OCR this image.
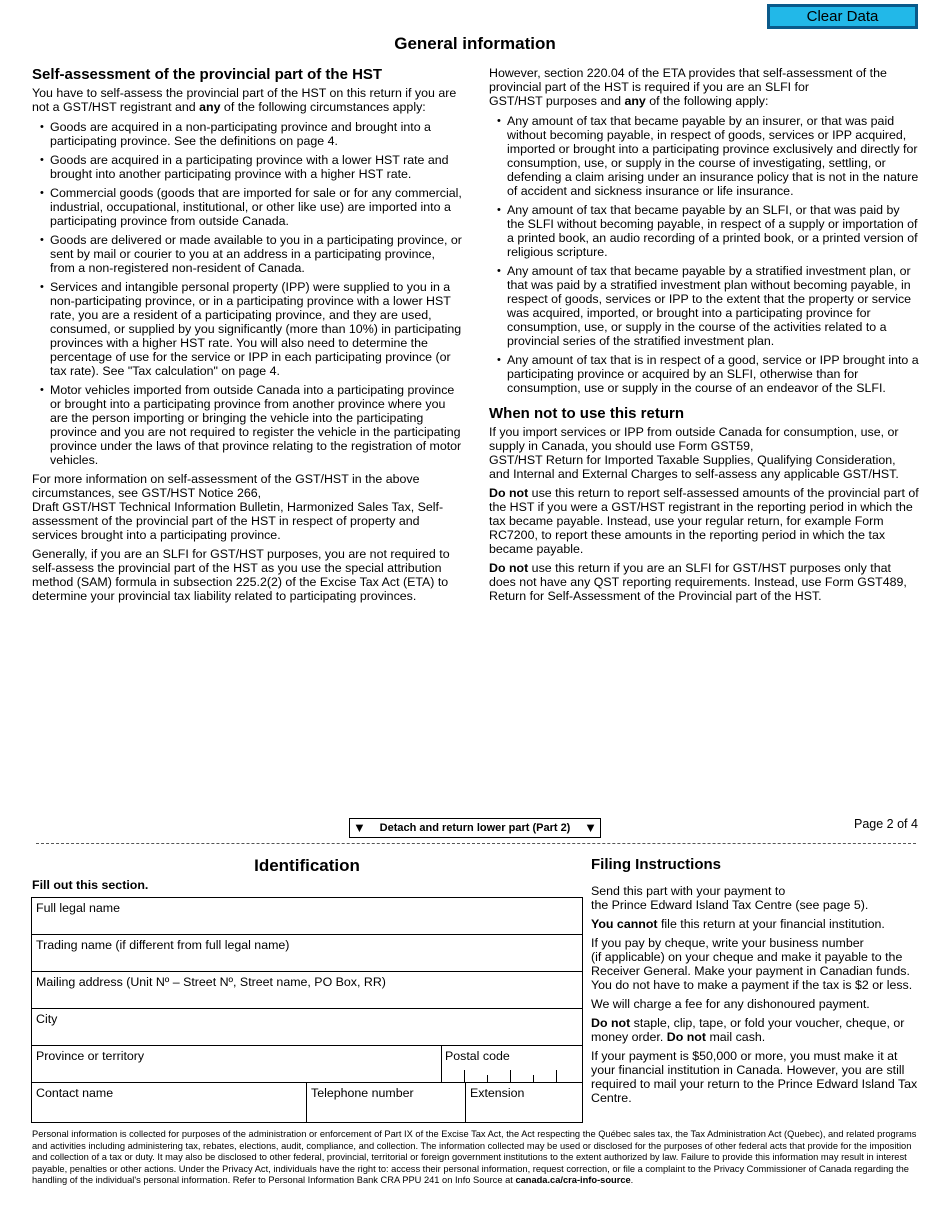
Clear Data
General information
Self-assessment of the provincial part of the HST

You have to self-assess the provincial part of the HST on this return if you are not a GST/HST registrant and any of the following circumstances apply:

• Goods are acquired in a non-participating province and brought into a participating province. See the definitions on page 4.
• Goods are acquired in a participating province with a lower HST rate and brought into another participating province with a higher HST rate.
• Commercial goods (goods that are imported for sale or for any commercial, industrial, occupational, institutional, or other like use) are imported into a participating province from outside Canada.
• Goods are delivered or made available to you in a participating province, or sent by mail or courier to you at an address in a participating province, from a non-registered non-resident of Canada.
• Services and intangible personal property (IPP) were supplied to you in a non-participating province, or in a participating province with a lower HST rate, you are a resident of a participating province, and they are used, consumed, or supplied by you significantly (more than 10%) in participating provinces with a higher HST rate. You will also need to determine the percentage of use for the service or IPP in each participating province (or tax rate). See "Tax calculation" on page 4.
• Motor vehicles imported from outside Canada into a participating province or brought into a participating province from another province where you are the person importing or bringing the vehicle into the participating province and you are not required to register the vehicle in the participating province under the laws of that province relating to the registration of motor vehicles.

For more information on self-assessment of the GST/HST in the above circumstances, see GST/HST Notice 266,
Draft GST/HST Technical Information Bulletin, Harmonized Sales Tax, Self-assessment of the provincial part of the HST in respect of property and services brought into a participating province.

Generally, if you are an SLFI for GST/HST purposes, you are not required to self-assess the provincial part of the HST as you use the special attribution method (SAM) formula in subsection 225.2(2) of the Excise Tax Act (ETA) to determine your provincial tax liability related to participating provinces.

However, section 220.04 of the ETA provides that self-assessment of the provincial part of the HST is required if you are an SLFI for
GST/HST purposes and any of the following apply:

• Any amount of tax that became payable by an insurer, or that was paid without becoming payable, in respect of goods, services or IPP acquired, imported or brought into a participating province exclusively and directly for consumption, use, or supply in the course of investigating, settling, or defending a claim arising under an insurance policy that is not in the nature of accident and sickness insurance or life insurance.
• Any amount of tax that became payable by an SLFI, or that was paid by the SLFI without becoming payable, in respect of a supply or importation of a printed book, an audio recording of a printed book, or a printed version of religious scripture.
• Any amount of tax that became payable by a stratified investment plan, or that was paid by a stratified investment plan without becoming payable, in respect of goods, services or IPP to the extent that the property or service was acquired, imported, or brought into a participating province for consumption, use, or supply in the course of the activities related to a provincial series of the stratified investment plan.
• Any amount of tax that is in respect of a good, service or IPP brought into a participating province or acquired by an SLFI, otherwise than for consumption, use or supply in the course of an endeavor of the SLFI.
When not to use this return

If you import services or IPP from outside Canada for consumption, use, or supply in Canada, you should use Form GST59,
GST/HST Return for Imported Taxable Supplies, Qualifying Consideration, and Internal and External Charges to self-assess any applicable GST/HST.

Do not use this return to report self-assessed amounts of the provincial part of the HST if you were a GST/HST registrant in the reporting period in which the tax became payable. Instead, use your regular return, for example Form RC7200, to report these amounts in the reporting period in which the tax became payable.

Do not use this return if you are an SLFI for GST/HST purposes only that does not have any QST reporting requirements. Instead, use Form GST489, Return for Self-Assessment of the Provincial part of the HST.

▼ Detach and return lower part (Part 2) ▼	Page 2 of 4
Identification
Fill out this section.
Full legal name
Trading name (if different from full legal name)
Mailing address (Unit Nº – Street Nº, Street name, PO Box, RR)
City
Province or territory	Postal code
Contact name	Telephone number	Extension
Filing Instructions

Send this part with your payment to
the Prince Edward Island Tax Centre (see page 5).

You cannot file this return at your financial institution.

If you pay by cheque, write your business number
(if applicable) on your cheque and make it payable to the Receiver General. Make your payment in Canadian funds. You do not have to make a payment if the tax is $2 or less.

We will charge a fee for any dishonoured payment.

Do not staple, clip, tape, or fold your voucher, cheque, or money order. Do not mail cash.

If your payment is $50,000 or more, you must make it at your financial institution in Canada. However, you are still required to mail your return to the Prince Edward Island Tax Centre.

Personal information is collected for purposes of the administration or enforcement of Part IX of the Excise Tax Act, the Act respecting the Québec sales tax, the Tax Administration Act (Quebec), and related programs and activities including administering tax, rebates, elections, audit, compliance, and collection. The information collected may be used or disclosed for the purposes of other federal acts that provide for the imposition and collection of a tax or duty. It may also be disclosed to other federal, provincial, territorial or foreign government institutions to the extent authorized by law. Failure to provide this information may result in interest payable, penalties or other actions. Under the Privacy Act, individuals have the right to: access their personal information, request correction, or file a complaint to the Privacy Commissioner of Canada regarding the handling of the individual's personal information. Refer to Personal Information Bank CRA PPU 241 on Info Source at canada.ca/cra-info-source.
